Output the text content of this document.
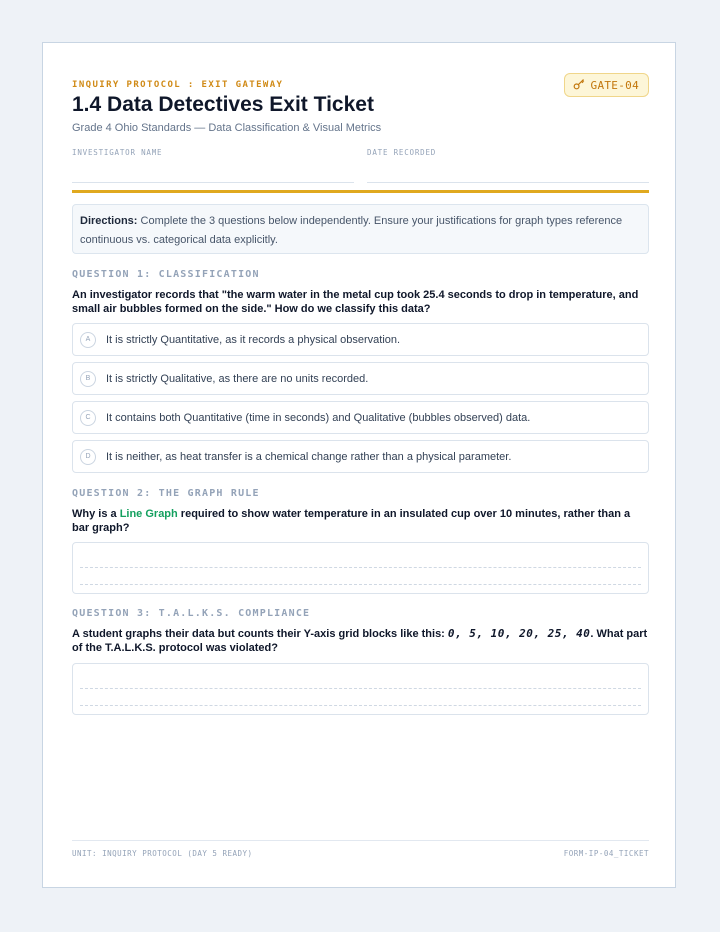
INQUIRY PROTOCOL : EXIT GATEWAY	GATE-04
1.4 Data Detectives Exit Ticket
Grade 4 Ohio Standards — Data Classification & Visual Metrics
INVESTIGATOR NAME	DATE RECORDED
Directions: Complete the 3 questions below independently. Ensure your justifications for graph types reference continuous vs. categorical data explicitly.
QUESTION 1: CLASSIFICATION
An investigator records that "the warm water in the metal cup took 25.4 seconds to drop in temperature, and small air bubbles formed on the side." How do we classify this data?
A	It is strictly Quantitative, as it records a physical observation.
B	It is strictly Qualitative, as there are no units recorded.
C	It contains both Quantitative (time in seconds) and Qualitative (bubbles observed) data.
D	It is neither, as heat transfer is a chemical change rather than a physical parameter.
QUESTION 2: THE GRAPH RULE
Why is a Line Graph required to show water temperature in an insulated cup over 10 minutes, rather than a bar graph?
QUESTION 3: T.A.L.K.S. COMPLIANCE
A student graphs their data but counts their Y-axis grid blocks like this: 0, 5, 10, 20, 25, 40. What part of the T.A.L.K.S. protocol was violated?
UNIT: INQUIRY PROTOCOL (DAY 5 READY)	FORM-IP-04_TICKET
